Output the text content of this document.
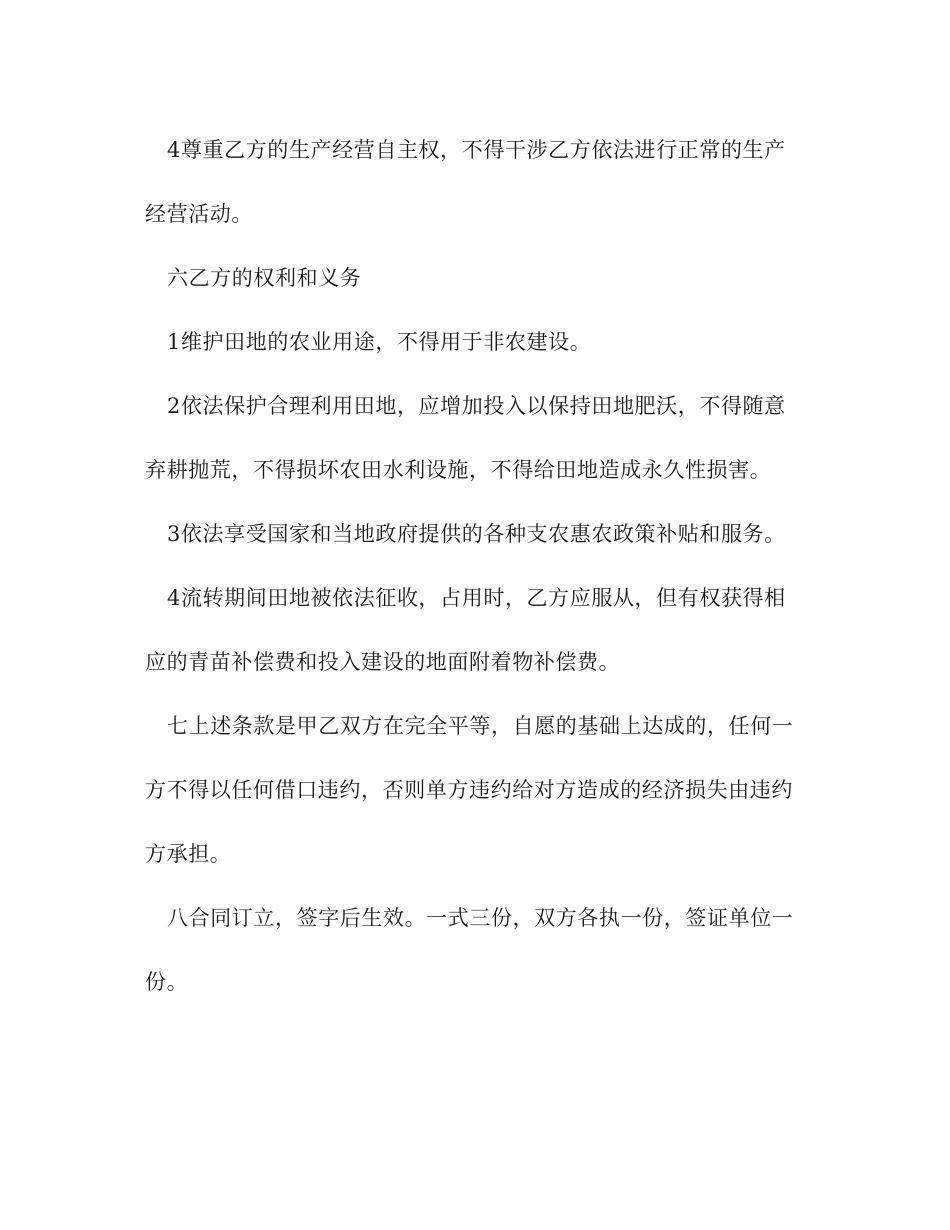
4尊重乙方的生产经营自主权，不得干涉乙方依法进行正常的生产
经营活动。
六乙方的权利和义务
1维护田地的农业用途，不得用于非农建设。
2依法保护合理利用田地，应增加投入以保持田地肥沃，不得随意
弃耕抛荒，不得损坏农田水利设施，不得给田地造成永久性损害。
3依法享受国家和当地政府提供的各种支农惠农政策补贴和服务。
4流转期间田地被依法征收，占用时，乙方应服从，但有权获得相
应的青苗补偿费和投入建设的地面附着物补偿费。
七上述条款是甲乙双方在完全平等，自愿的基础上达成的，任何一
方不得以任何借口违约，否则单方违约给对方造成的经济损失由违约
方承担。
八合同订立，签字后生效。一式三份，双方各执一份，签证单位一
份。
